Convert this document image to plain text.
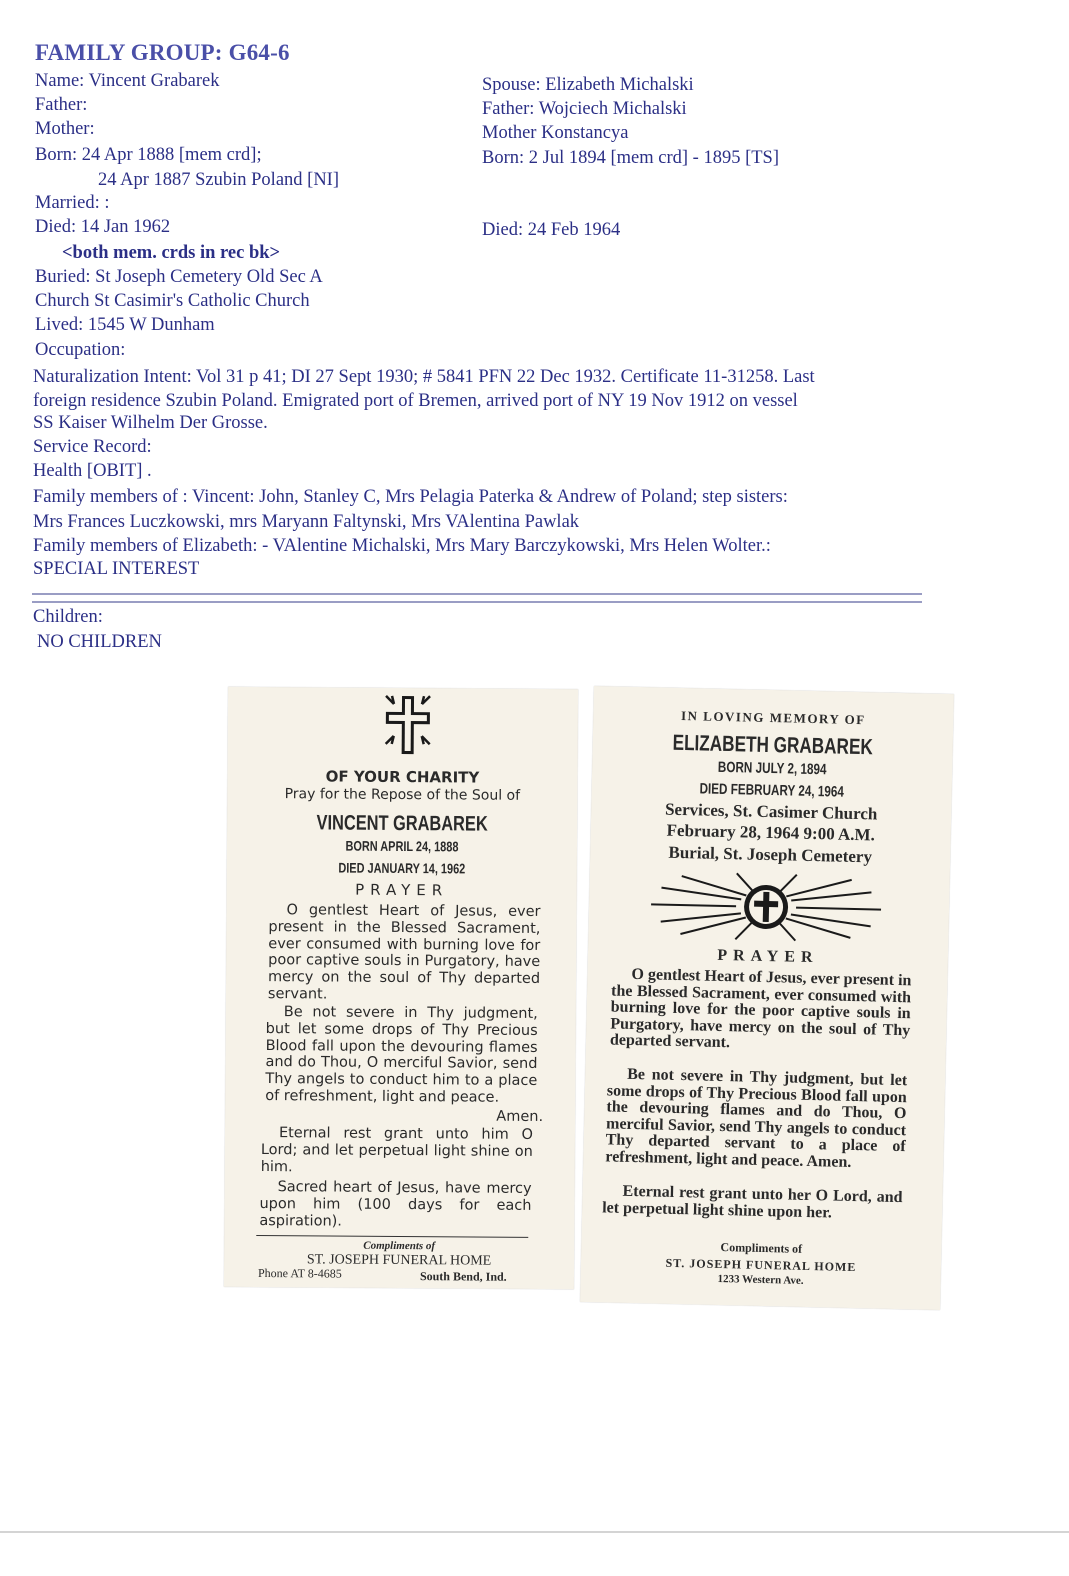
FAMILY GROUP: G64-6
Name: Vincent Grabarek
Father:
Mother:
Born: 24 Apr 1888 [mem crd];
24 Apr 1887 Szubin Poland [NI]
Married: :
Died: 14 Jan 1962
<both mem. crds in rec bk>
Buried: St Joseph Cemetery Old Sec A
Church St Casimir's Catholic Church
Lived: 1545 W Dunham
Occupation:
Spouse: Elizabeth Michalski
Father: Wojciech Michalski
Mother Konstancya
Born: 2 Jul 1894 [mem crd] - 1895 [TS]
Died: 24 Feb 1964
Naturalization Intent: Vol 31 p 41; DI 27 Sept 1930; # 5841 PFN 22 Dec 1932. Certificate 11-31258. Last
foreign residence Szubin Poland. Emigrated port of Bremen, arrived port of NY 19 Nov 1912 on vessel
SS Kaiser Wilhelm Der Grosse.
Service Record:
Health [OBIT] .
Family members of : Vincent: John, Stanley C, Mrs Pelagia Paterka & Andrew of Poland; step sisters:
Mrs Frances Luczkowski, mrs Maryann Faltynski, Mrs VAlentina Pawlak
Family members of Elizabeth: - VAlentine Michalski, Mrs Mary Barczykowski, Mrs Helen Wolter.:
SPECIAL INTEREST
Children:
NO CHILDREN
OF YOUR CHARITY
Pray for the Repose of the Soul of
VINCENT GRABAREK
BORN APRIL 24, 1888
DIED JANUARY 14, 1962
PRAYER
O gentlest Heart of Jesus, ever present in the Blessed Sacrament, ever consumed with burning love for poor captive souls in Purgatory, have mercy on the soul of Thy departed servant.
Be not severe in Thy judgment, but let some drops of Thy Precious Blood fall upon the devouring flames and do Thou, O merciful Savior, send Thy angels to conduct him to a place of refreshment, light and peace.
Amen.
Eternal rest grant unto him O Lord; and let perpetual light shine on him.
Sacred heart of Jesus, have mercy upon him (100 days for each aspiration).
Compliments of
ST. JOSEPH FUNERAL HOME
Phone AT 8-4685	South Bend, Ind.
IN LOVING MEMORY OF
ELIZABETH GRABAREK
BORN JULY 2, 1894
DIED FEBRUARY 24, 1964
Services, St. Casimer Church
February 28, 1964 9:00 A.M.
Burial, St. Joseph Cemetery
PRAYER
O gentlest Heart of Jesus, ever present in the Blessed Sacrament, ever consumed with burning love for the poor captive souls in Purgatory, have mercy on the soul of Thy departed servant.
Be not severe in Thy judgment, but let some drops of Thy Precious Blood fall upon the devouring flames and do Thou, O merciful Savior, send Thy angels to conduct Thy departed servant to a place of refreshment, light and peace. Amen.
Eternal rest grant unto her O Lord, and let perpetual light shine upon her.
Compliments of
ST. JOSEPH FUNERAL HOME
1233 Western Ave.
